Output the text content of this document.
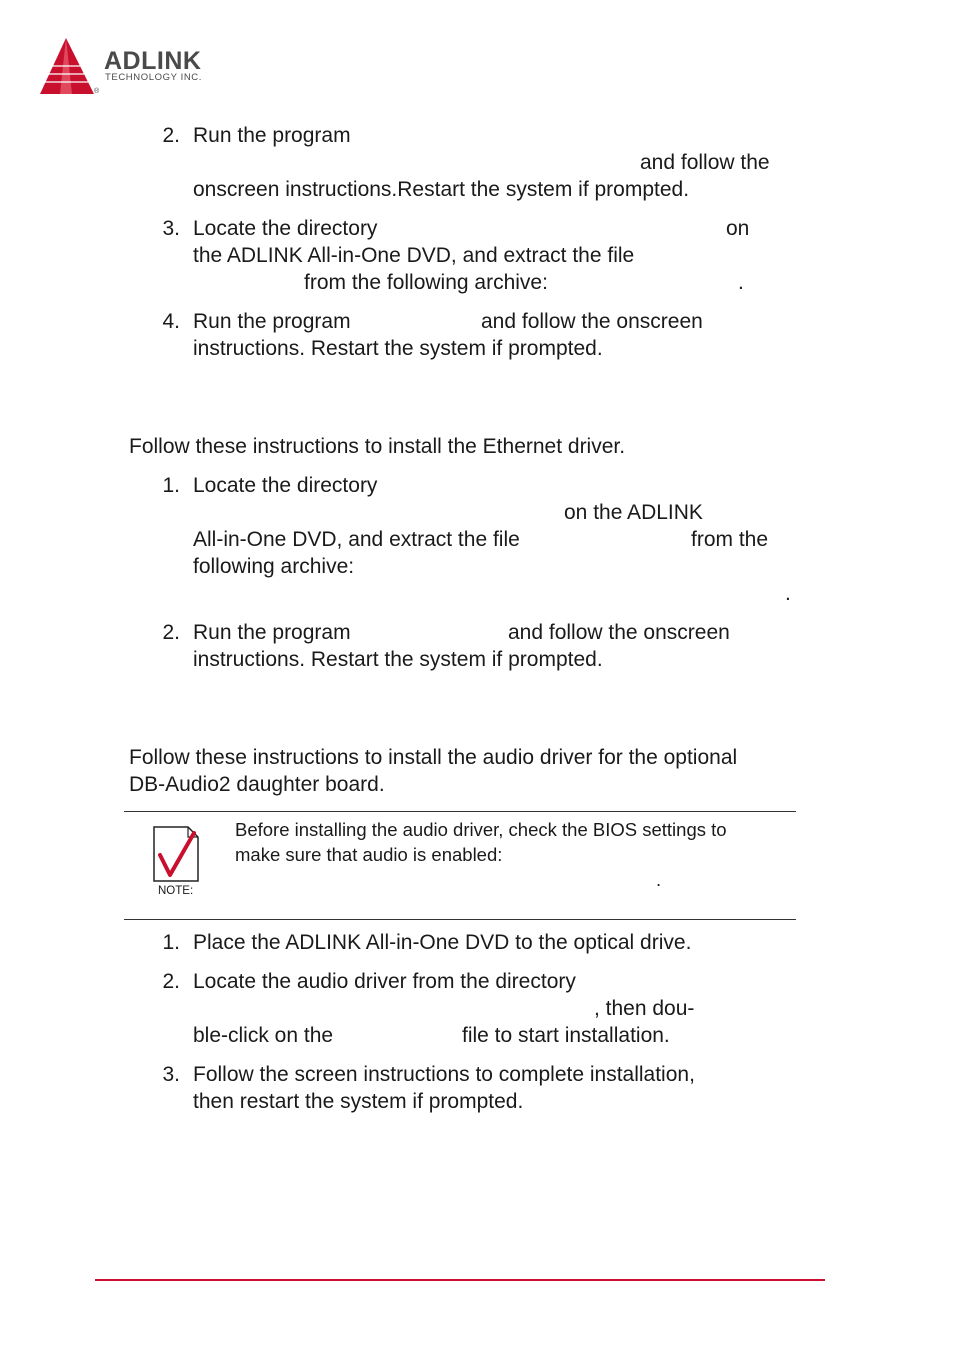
ADLINK
TECHNOLOGY INC.
®
2. Run the program
and follow the
onscreen instructions.Restart the system if prompted.
3. Locate the directory	on
the ADLINK All-in-One DVD, and extract the file
from the following archive:	.
4. Run the program	and follow the onscreen
instructions. Restart the system if prompted.
Follow these instructions to install the Ethernet driver.
1. Locate the directory
on the ADLINK
All-in-One DVD, and extract the file	from the
following archive:
.
2. Run the program	and follow the onscreen
instructions. Restart the system if prompted.
Follow these instructions to install the audio driver for the optional
DB-Audio2 daughter board.
NOTE:
Before installing the audio driver, check the BIOS settings to
make sure that audio is enabled:
.
1. Place the ADLINK All-in-One DVD to the optical drive.
2. Locate the audio driver from the directory
, then dou-
ble-click on the	file to start installation.
3. Follow the screen instructions to complete installation,
then restart the system if prompted.
